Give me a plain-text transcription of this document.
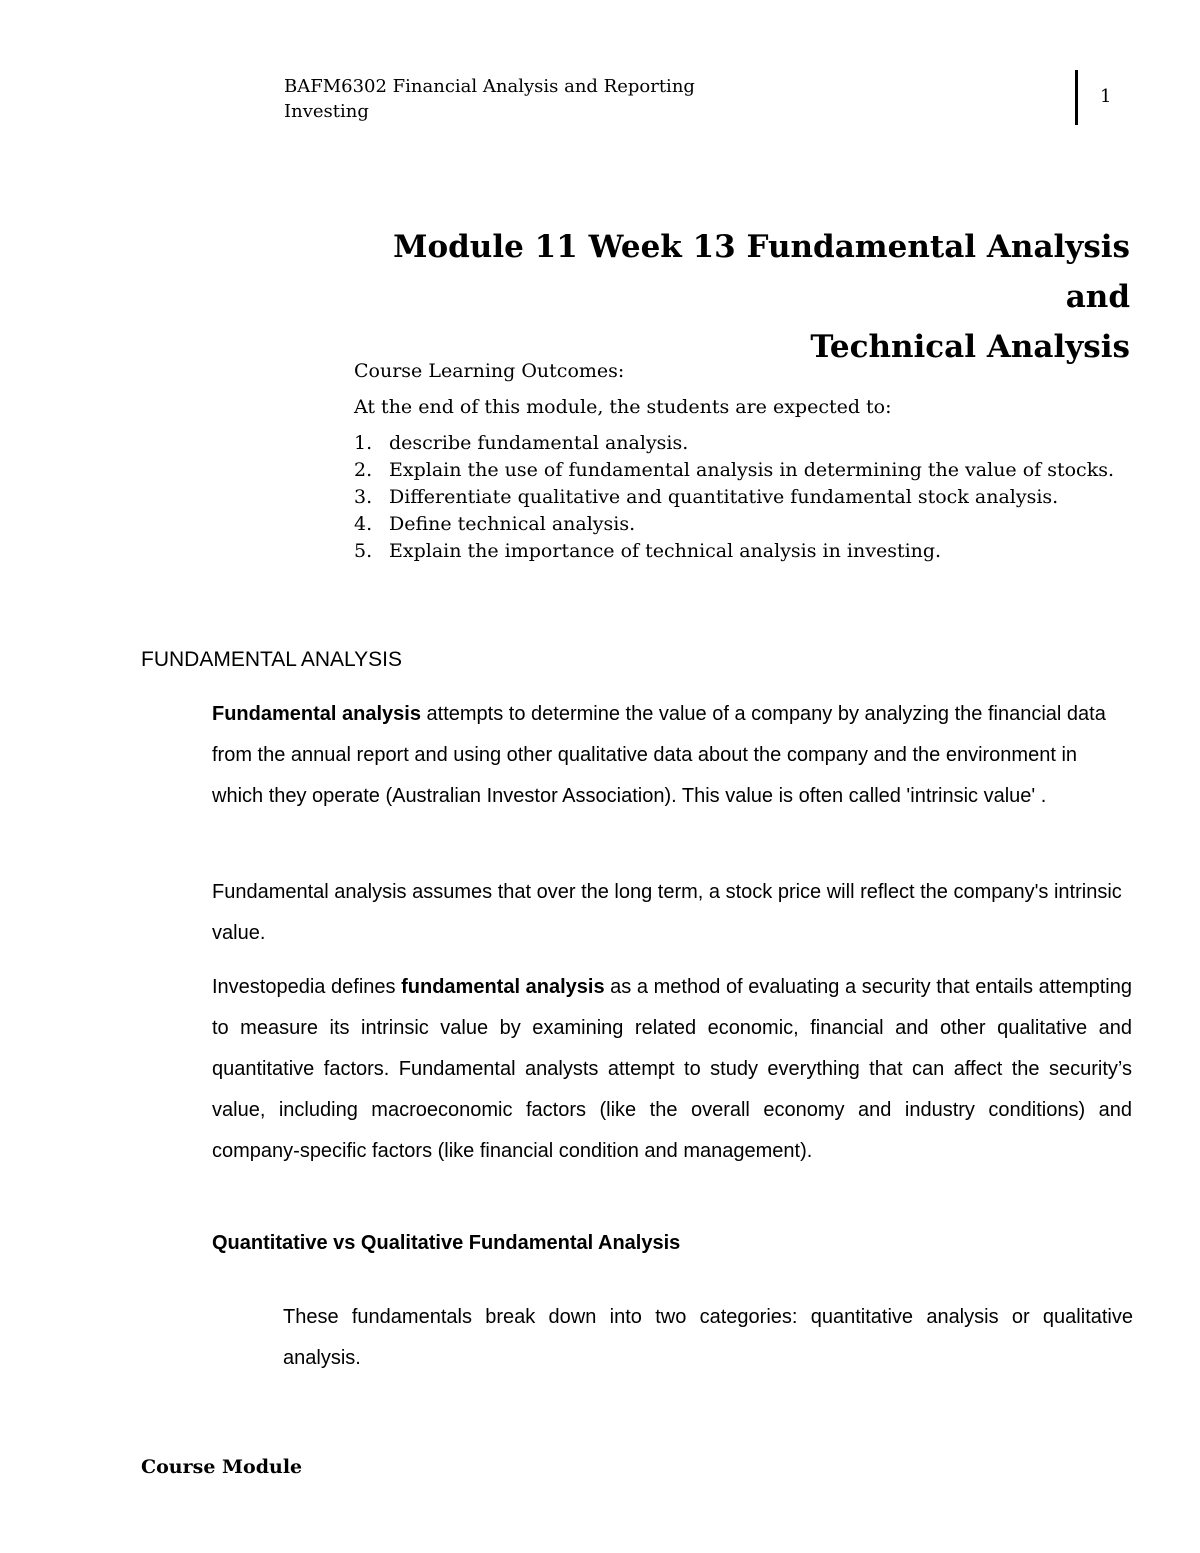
BAFM6302 Financial Analysis and Reporting
Investing
1
Module 11 Week 13 Fundamental Analysis and
Technical Analysis
Course Learning Outcomes:
At the end of this module, the students are expected to:
1. describe fundamental analysis.
2. Explain the use of fundamental analysis in determining the value of stocks.
3. Differentiate qualitative and quantitative fundamental stock analysis.
4. Define technical analysis.
5. Explain the importance of technical analysis in investing.
FUNDAMENTAL ANALYSIS

Fundamental analysis attempts to determine the value of a company by analyzing the financial data from the annual report and using other qualitative data about the company and the environment in which they operate (Australian Investor Association). This value is often called 'intrinsic value' .

Fundamental analysis assumes that over the long term, a stock price will reflect the company's intrinsic value.

Investopedia defines fundamental analysis as a method of evaluating a security that entails attempting to measure its intrinsic value by examining related economic, financial and other qualitative and quantitative factors. Fundamental analysts attempt to study everything that can affect the security’s value, including macroeconomic factors (like the overall economy and industry conditions) and company-specific factors (like financial condition and management).

Quantitative vs Qualitative Fundamental Analysis

These fundamentals break down into two categories: quantitative analysis or qualitative analysis.

Course Module
